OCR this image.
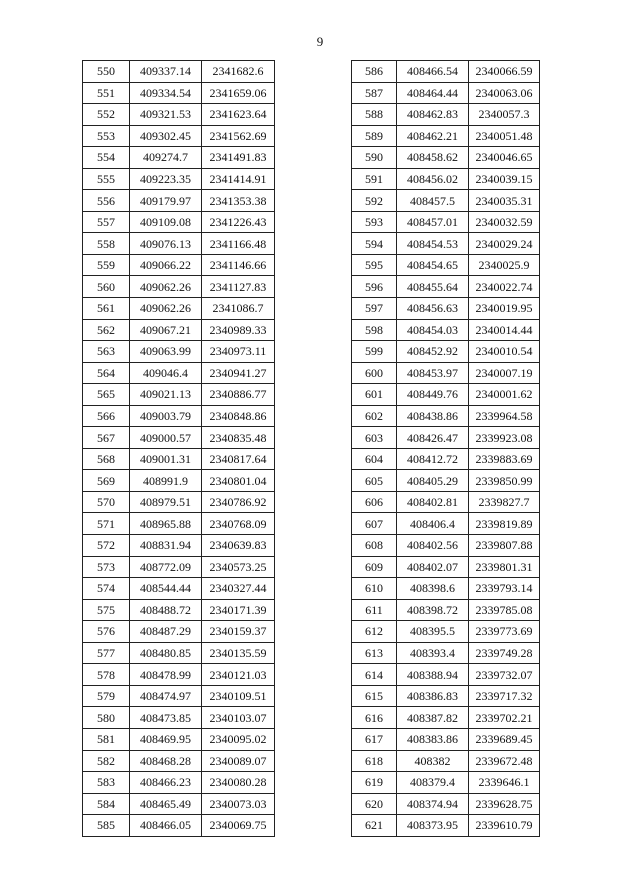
9
550	409337.14	2341682.6
551	409334.54	2341659.06
552	409321.53	2341623.64
553	409302.45	2341562.69
554	409274.7	2341491.83
555	409223.35	2341414.91
556	409179.97	2341353.38
557	409109.08	2341226.43
558	409076.13	2341166.48
559	409066.22	2341146.66
560	409062.26	2341127.83
561	409062.26	2341086.7
562	409067.21	2340989.33
563	409063.99	2340973.11
564	409046.4	2340941.27
565	409021.13	2340886.77
566	409003.79	2340848.86
567	409000.57	2340835.48
568	409001.31	2340817.64
569	408991.9	2340801.04
570	408979.51	2340786.92
571	408965.88	2340768.09
572	408831.94	2340639.83
573	408772.09	2340573.25
574	408544.44	2340327.44
575	408488.72	2340171.39
576	408487.29	2340159.37
577	408480.85	2340135.59
578	408478.99	2340121.03
579	408474.97	2340109.51
580	408473.85	2340103.07
581	408469.95	2340095.02
582	408468.28	2340089.07
583	408466.23	2340080.28
584	408465.49	2340073.03
585	408466.05	2340069.75
586	408466.54	2340066.59
587	408464.44	2340063.06
588	408462.83	2340057.3
589	408462.21	2340051.48
590	408458.62	2340046.65
591	408456.02	2340039.15
592	408457.5	2340035.31
593	408457.01	2340032.59
594	408454.53	2340029.24
595	408454.65	2340025.9
596	408455.64	2340022.74
597	408456.63	2340019.95
598	408454.03	2340014.44
599	408452.92	2340010.54
600	408453.97	2340007.19
601	408449.76	2340001.62
602	408438.86	2339964.58
603	408426.47	2339923.08
604	408412.72	2339883.69
605	408405.29	2339850.99
606	408402.81	2339827.7
607	408406.4	2339819.89
608	408402.56	2339807.88
609	408402.07	2339801.31
610	408398.6	2339793.14
611	408398.72	2339785.08
612	408395.5	2339773.69
613	408393.4	2339749.28
614	408388.94	2339732.07
615	408386.83	2339717.32
616	408387.82	2339702.21
617	408383.86	2339689.45
618	408382	2339672.48
619	408379.4	2339646.1
620	408374.94	2339628.75
621	408373.95	2339610.79
